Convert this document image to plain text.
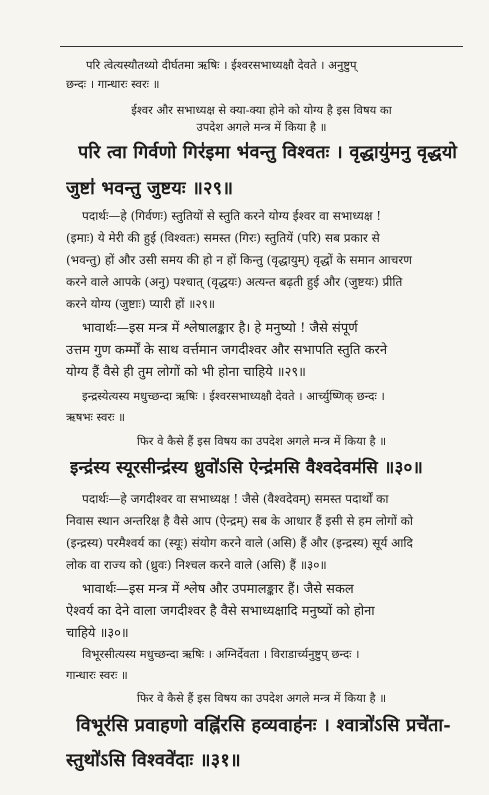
परि त्वेत्यस्यौतथ्यो दीर्घतमा ऋषिः । ईश्वरसभाध्यक्षौ देवते । अनुष्टुप्
छन्दः । गान्धारः स्वरः ॥
ईश्वर और सभाध्यक्ष से क्या-क्या होने को योग्य है इस विषय का
उपदेश अगले मन्त्र में किया है ॥
परि त्वा गिर्वणो गिर॑इमा भ॑वन्तु विश्वतः । वृद्धायु॑मनु वृद्धयो
जुष्टा॑ भवन्तु जुष्टयः ॥२९॥
पदार्थः—हे (गिर्वणः) स्तुतियों से स्तुति करने योग्य ईश्वर वा सभाध्यक्ष !
(इमाः) ये मेरी की हुई (विश्वतः) समस्त (गिरः) स्तुतियें (परि) सब प्रकार से
(भवन्तु) हों और उसी समय की हो न हों किन्तु (वृद्धायुम्) वृद्धों के समान आचरण
करने वाले आपके (अनु) पश्चात् (वृद्धयः) अत्यन्त बढ़ती हुई और (जुष्टयः) प्रीति
करने योग्य (जुष्टाः) प्यारी हों ॥२९॥
भावार्थः—इस मन्त्र में श्लेषालङ्कार है। हे मनुष्यो ! जैसे संपूर्ण
उत्तम गुण कर्म्मों के साथ वर्त्तमान जगदीश्वर और सभापति स्तुति करने
योग्य हैं वैसे ही तुम लोगों को भी होना चाहिये ॥२९॥
इन्द्रस्येत्यस्य मधुच्छन्दा ऋषिः । ईश्वरसभाध्यक्षौ देवते । आर्च्युष्णिक् छन्दः ।
ऋषभः स्वरः ॥
फिर वे कैसे हैं इस विषय का उपदेश अगले मन्त्र में किया है ॥
इन्द्र॑स्य स्यूरसीन्द्र॑स्य ध्रुवो॑ऽसि ऐन्द्र॑मसि वैश्वदेवम॑सि ॥३०॥
पदार्थः—हे जगदीश्वर वा सभाध्यक्ष ! जैसे (वैश्वदेवम्) समस्त पदार्थों का
निवास स्थान अन्तरिक्ष है वैसे आप (ऐन्द्रम्) सब के आधार हैं इसी से हम लोगों को
(इन्द्रस्य) परमैश्वर्य का (स्यूः) संयोग करने वाले (असि) हैं और (इन्द्रस्य) सूर्य आदि
लोक वा राज्य को (ध्रुवः) निश्चल करने वाले (असि) हैं ॥३०॥
भावार्थः—इस मन्त्र में श्लेष और उपमालङ्कार हैं। जैसे सकल
ऐश्वर्य का देने वाला जगदीश्वर है वैसे सभाध्यक्षादि मनुष्यों को होना
चाहिये ॥३०॥
विभूरसीत्यस्य मधुच्छन्दा ऋषिः । अग्निर्देवता । विराडार्च्यनुष्टुप् छन्दः ।
गान्धारः स्वरः ॥
फिर वे कैसे हैं इस विषय का उपदेश अगले मन्त्र में किया है ॥
विभूर॑सि प्रवाहणो वह्नि॑रसि हव्यवाह॑नः । श्वात्रो॑ऽसि प्रचे॑ता-
स्तुथो॑ऽसि विश्ववे॑दाः ॥३१॥
